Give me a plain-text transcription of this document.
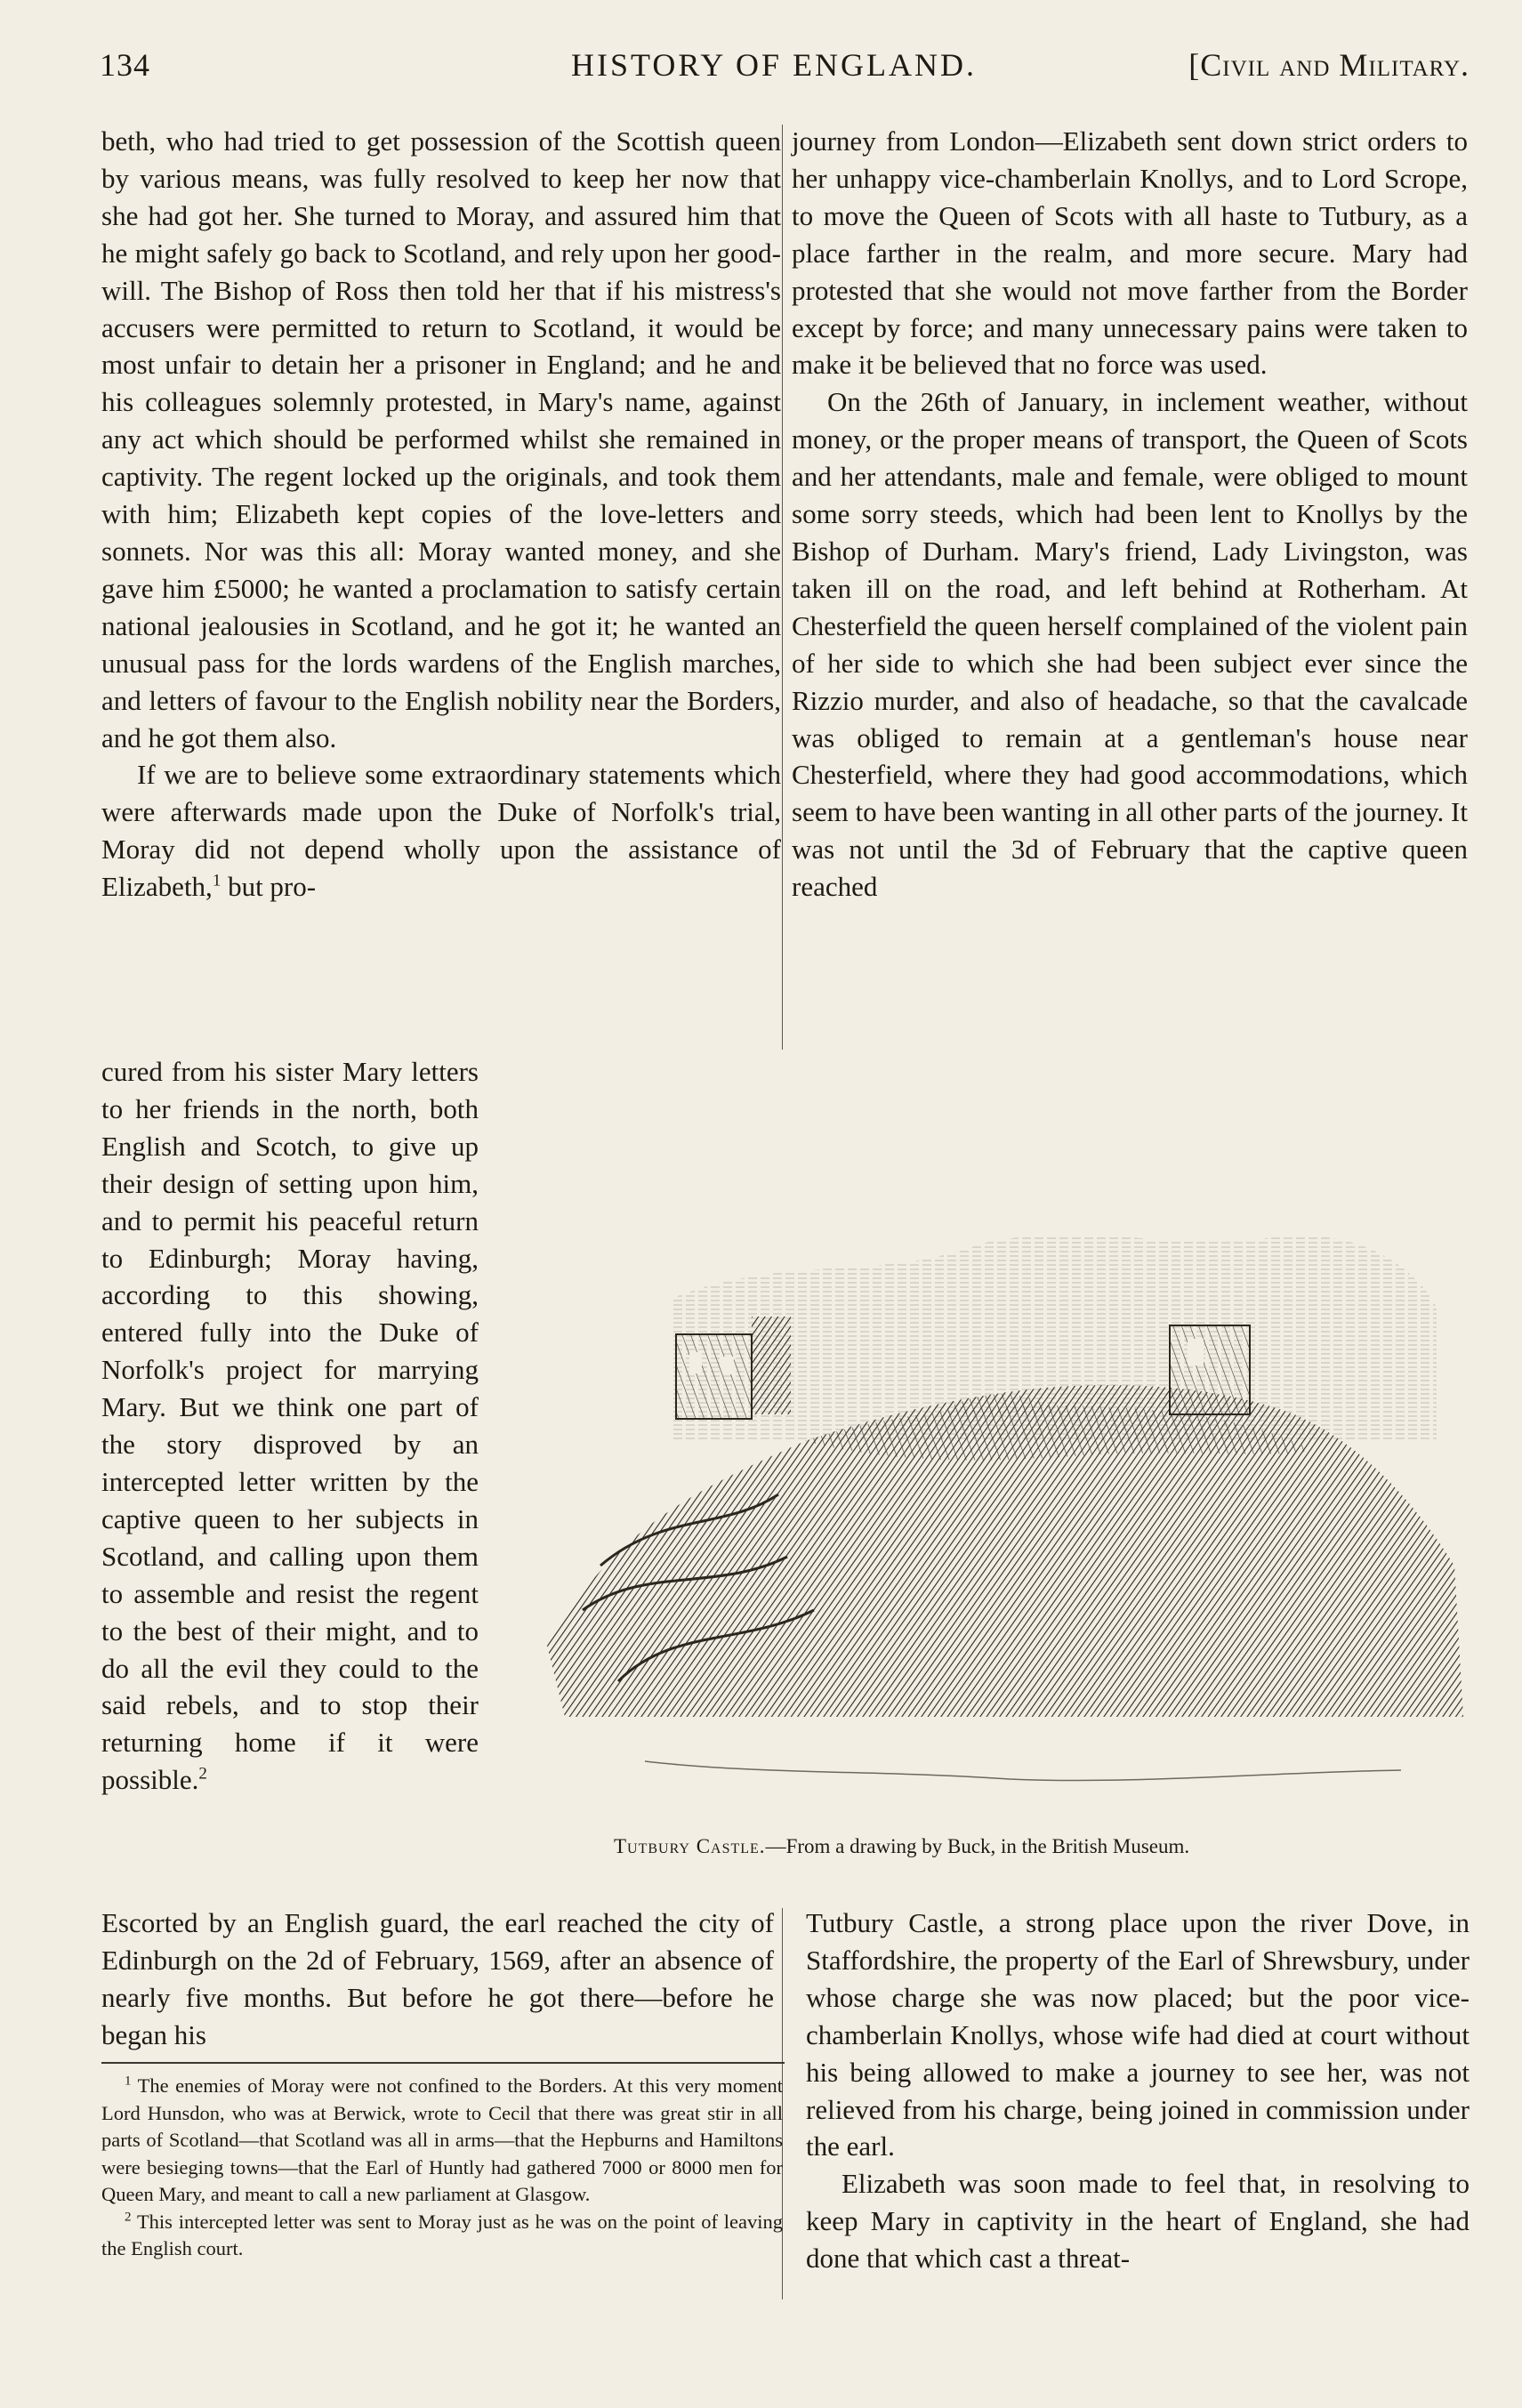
134	HISTORY OF ENGLAND.	[Civil and Military.

beth, who had tried to get possession of the Scottish queen by various means, was fully resolved to keep her now that she had got her. She turned to Moray, and assured him that he might safely go back to Scotland, and rely upon her good-will. The Bishop of Ross then told her that if his mistress's accusers were permitted to return to Scotland, it would be most unfair to detain her a prisoner in England; and he and his colleagues solemnly protested, in Mary's name, against any act which should be performed whilst she remained in captivity. The regent locked up the originals, and took them with him; Elizabeth kept copies of the love-letters and sonnets. Nor was this all: Moray wanted money, and she gave him £5000; he wanted a proclamation to satisfy certain national jealousies in Scotland, and he got it; he wanted an unusual pass for the lords wardens of the English marches, and letters of favour to the English nobility near the Borders, and he got them also.

If we are to believe some extraordinary statements which were afterwards made upon the Duke of Norfolk's trial, Moray did not depend wholly upon the assistance of Elizabeth,$^1$ but pro-

journey from London—Elizabeth sent down strict orders to her unhappy vice-chamberlain Knollys, and to Lord Scrope, to move the Queen of Scots with all haste to Tutbury, as a place farther in the realm, and more secure. Mary had protested that she would not move farther from the Border except by force; and many unnecessary pains were taken to make it be believed that no force was used.

On the 26th of January, in inclement weather, without money, or the proper means of transport, the Queen of Scots and her attendants, male and female, were obliged to mount some sorry steeds, which had been lent to Knollys by the Bishop of Durham. Mary's friend, Lady Livingston, was taken ill on the road, and left behind at Rotherham. At Chesterfield the queen herself complained of the violent pain of her side to which she had been subject ever since the Rizzio murder, and also of headache, so that the cavalcade was obliged to remain at a gentleman's house near Chesterfield, where they had good accommodations, which seem to have been wanting in all other parts of the journey. It was not until the 3d of February that the captive queen reached

cured from his sister Mary letters to her friends in the north, both English and Scotch, to give up their design of setting upon him, and to permit his peaceful return to Edinburgh; Moray having, according to this showing, entered fully into the Duke of Norfolk's project for marrying Mary. But we think one part of the story disproved by an intercepted letter written by the captive queen to her subjects in Scotland, and calling upon them to assemble and resist the regent to the best of their might, and to do all the evil they could to the said rebels, and to stop their returning home if it were possible.$^2$

Tutbury Castle.—From a drawing by Buck, in the British Museum.

Escorted by an English guard, the earl reached the city of Edinburgh on the 2d of February, 1569, after an absence of nearly five months. But before he got there—before he began his

Tutbury Castle, a strong place upon the river Dove, in Staffordshire, the property of the Earl of Shrewsbury, under whose charge she was now placed; but the poor vice-chamberlain Knollys, whose wife had died at court without his being allowed to make a journey to see her, was not relieved from his charge, being joined in commission under the earl.

Elizabeth was soon made to feel that, in resolving to keep Mary in captivity in the heart of England, she had done that which cast a threat-

$^1$ The enemies of Moray were not confined to the Borders. At this very moment Lord Hunsdon, who was at Berwick, wrote to Cecil that there was great stir in all parts of Scotland—that Scotland was all in arms—that the Hepburns and Hamiltons were besieging towns—that the Earl of Huntly had gathered 7000 or 8000 men for Queen Mary, and meant to call a new parliament at Glasgow.

$^2$ This intercepted letter was sent to Moray just as he was on the point of leaving the English court.
